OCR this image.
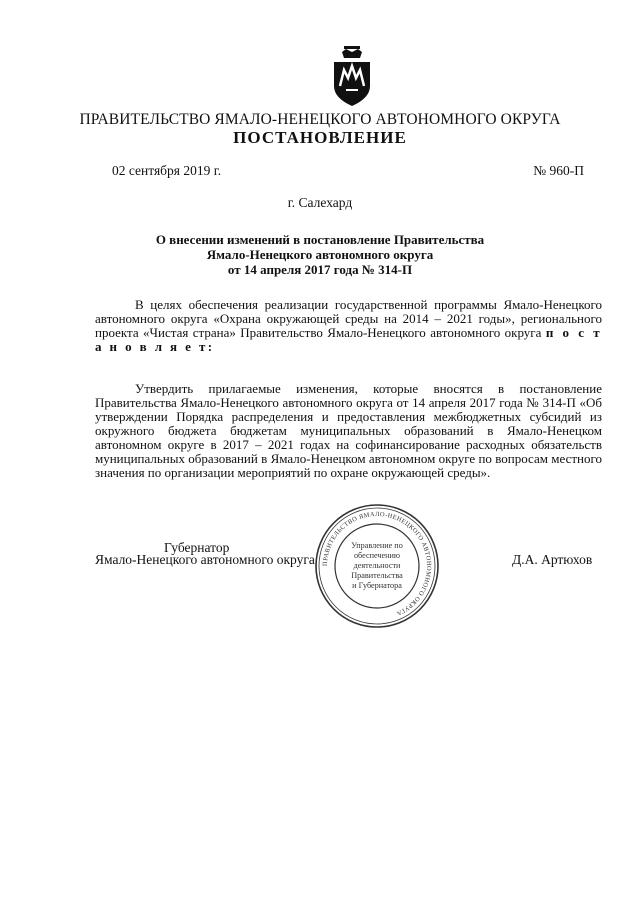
ПРАВИТЕЛЬСТВО ЯМАЛО-НЕНЕЦКОГО АВТОНОМНОГО ОКРУГА
ПОСТАНОВЛЕНИЕ
02 сентября 2019 г.	№ 960-П
г. Салехард
О внесении изменений в постановление Правительства
Ямало-Ненецкого автономного округа
от 14 апреля 2017 года № 314-П
В целях обеспечения реализации государственной программы Ямало-Ненецкого автономного округа «Охрана окружающей среды на 2014 – 2021 годы», регионального проекта «Чистая страна» Правительство Ямало-Ненецкого автономного округа п о с т а н о в л я е т:
Утвердить прилагаемые изменения, которые вносятся в постановление Правительства Ямало-Ненецкого автономного округа от 14 апреля 2017 года № 314-П «Об утверждении Порядка распределения и предоставления межбюджетных субсидий из окружного бюджета бюджетам муниципальных образований в Ямало-Ненецком автономном округе в 2017 – 2021 годах на софинансирование расходных обязательств муниципальных образований в Ямало-Ненецком автономном округе по вопросам местного значения по организации мероприятий по охране окружающей среды».
Губернатор
Ямало-Ненецкого автономного округа	Д.А. Артюхов
ПРАВИТЕЛЬСТВО ЯМАЛО-НЕНЕЦКОГО АВТОНОМНОГО ОКРУГА
Управление по
обеспечению
деятельности
Правительства
и Губернатора
